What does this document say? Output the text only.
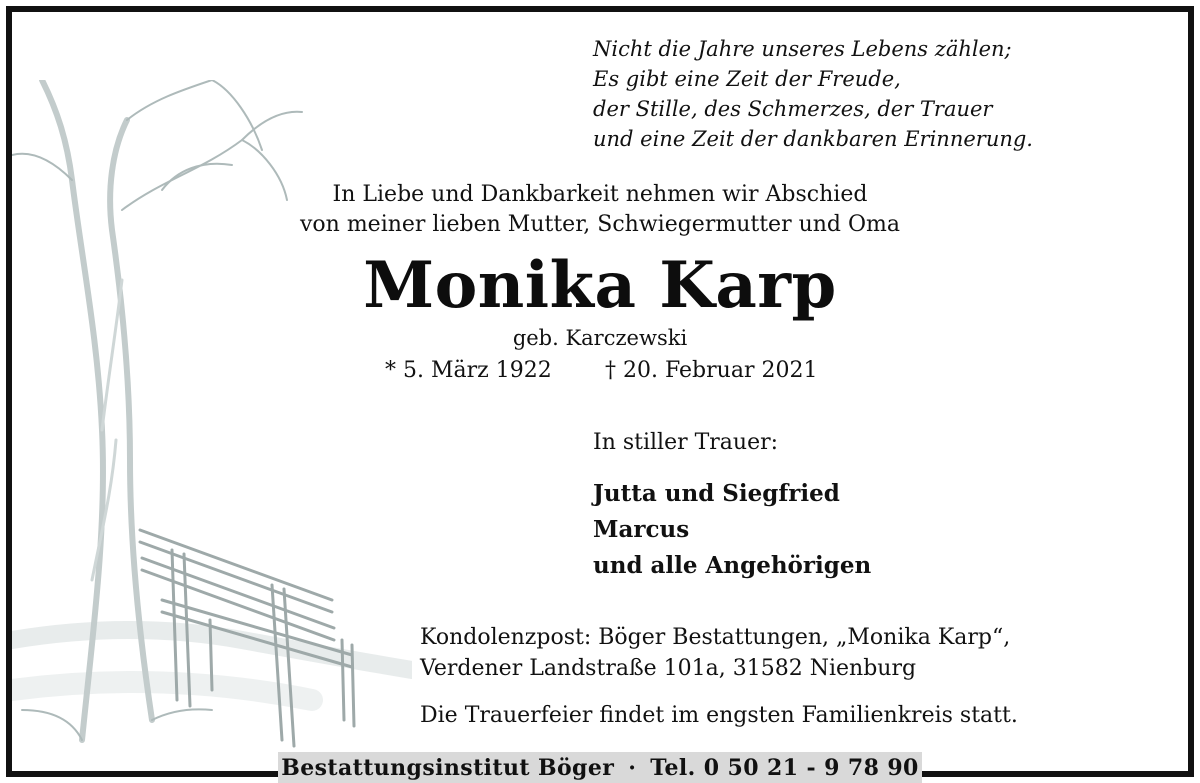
Nicht die Jahre unseres Lebens zählen;
Es gibt eine Zeit der Freude,
der Stille, des Schmerzes, der Trauer
und eine Zeit der dankbaren Erinnerung.
In Liebe und Dankbarkeit nehmen wir Abschied
von meiner lieben Mutter, Schwiegermutter und Oma
Monika Karp
geb. Karczewski
* 5. März 1922 † 20. Februar 2021
In stiller Trauer:
Jutta und Siegfried
Marcus
und alle Angehörigen
Kondolenzpost: Böger Bestattungen, „Monika Karp“,
Verdener Landstraße 101a, 31582 Nienburg
Die Trauerfeier findet im engsten Familienkreis statt.
Bestattungsinstitut Böger · Tel. 0 50 21 - 9 78 90
